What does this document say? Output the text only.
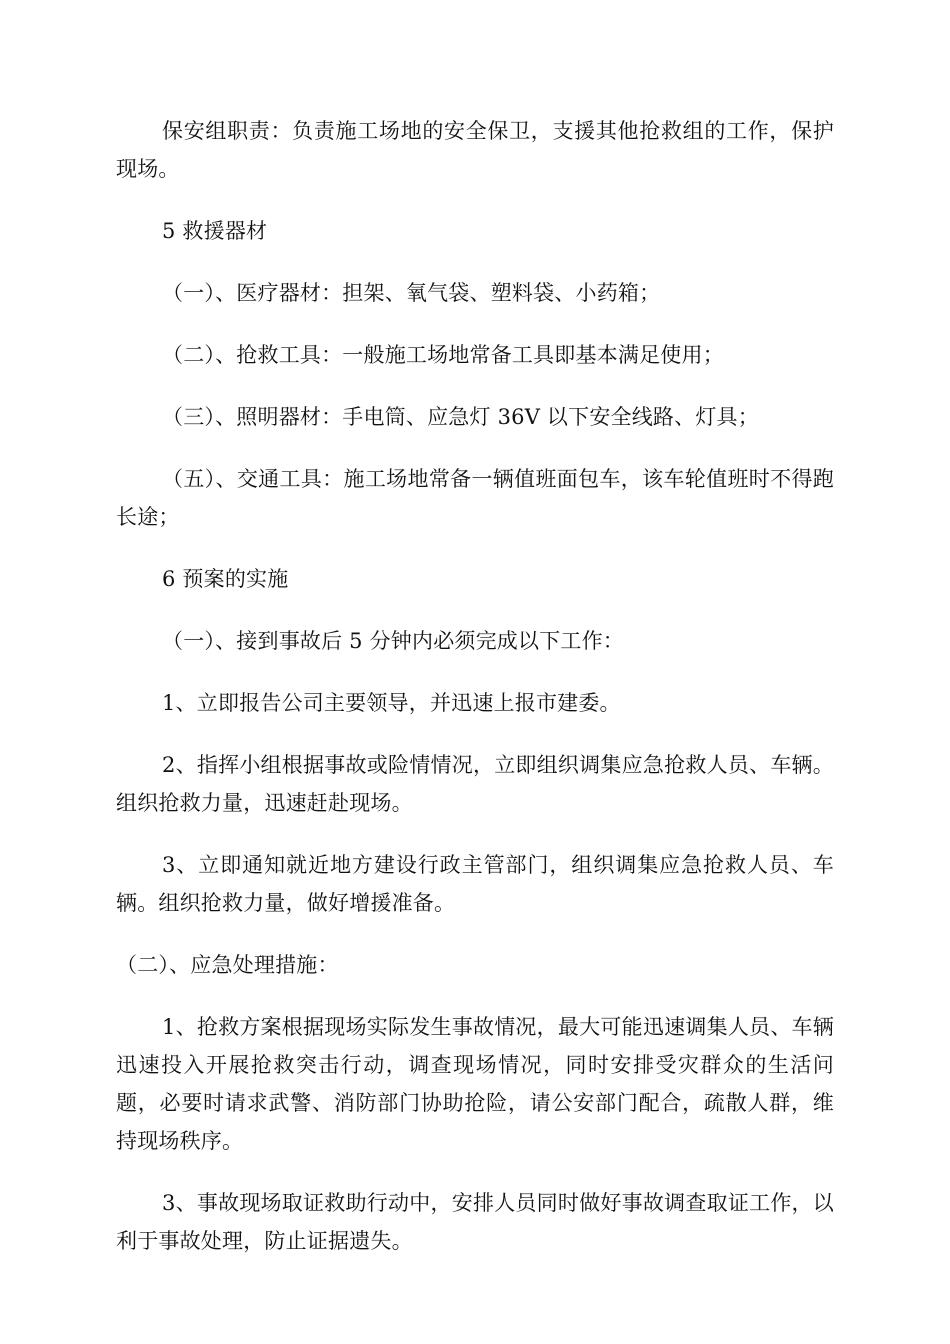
保安组职责：负责施工场地的安全保卫，支援其他抢救组的工作，保护现场。

5 救援器材

（一）、医疗器材：担架、氧气袋、塑料袋、小药箱；

（二）、抢救工具：一般施工场地常备工具即基本满足使用；

（三）、照明器材：手电筒、应急灯 36V 以下安全线路、灯具；

（五）、交通工具：施工场地常备一辆值班面包车，该车轮值班时不得跑长途；

6 预案的实施

（一）、接到事故后 5 分钟内必须完成以下工作：

1、立即报告公司主要领导，并迅速上报市建委。

2、指挥小组根据事故或险情情况，立即组织调集应急抢救人员、车辆。组织抢救力量，迅速赶赴现场。

3、立即通知就近地方建设行政主管部门，组织调集应急抢救人员、车辆。组织抢救力量，做好增援准备。

（二）、应急处理措施：

1、抢救方案根据现场实际发生事故情况，最大可能迅速调集人员、车辆迅速投入开展抢救突击行动，调查现场情况，同时安排受灾群众的生活问题，必要时请求武警、消防部门协助抢险，请公安部门配合，疏散人群，维持现场秩序。

3、事故现场取证救助行动中，安排人员同时做好事故调查取证工作，以利于事故处理，防止证据遗失。
